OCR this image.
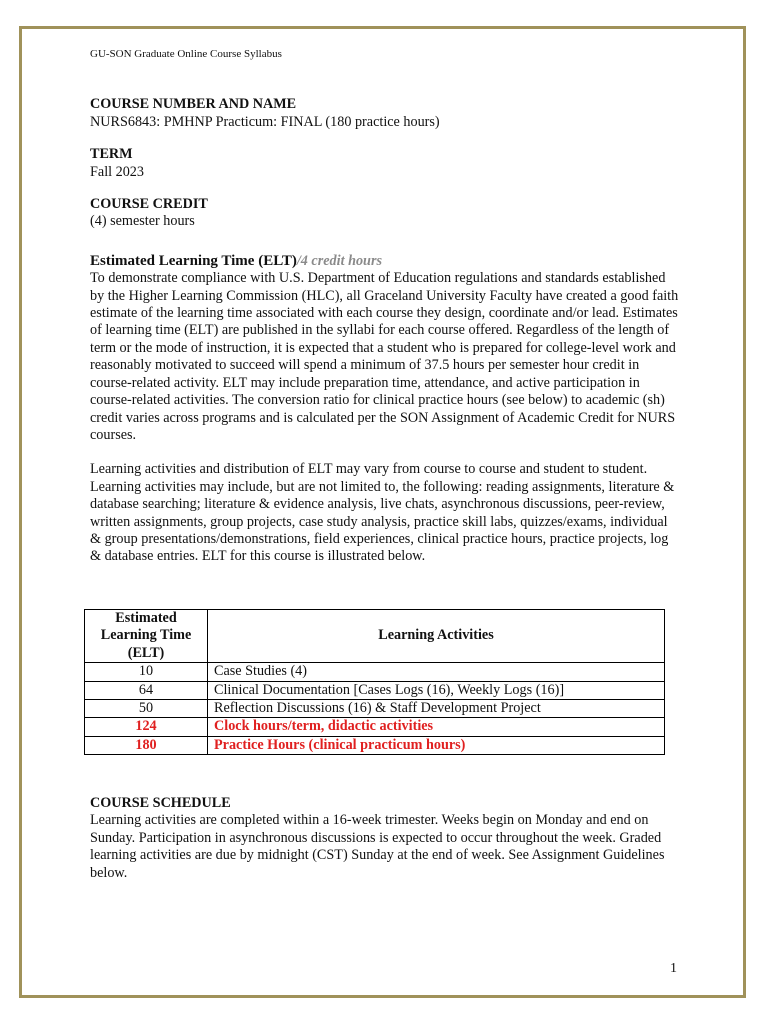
GU-SON Graduate Online Course Syllabus
COURSE NUMBER AND NAME
NURS6843: PMHNP Practicum: FINAL (180 practice hours)
TERM
Fall 2023
COURSE CREDIT
(4) semester hours
Estimated Learning Time (ELT)/4 credit hours

To demonstrate compliance with U.S. Department of Education regulations and standards established by the Higher Learning Commission (HLC), all Graceland University Faculty have created a good faith estimate of the learning time associated with each course they design, coordinate and/or lead. Estimates of learning time (ELT) are published in the syllabi for each course offered. Regardless of the length of term or the mode of instruction, it is expected that a student who is prepared for college-level work and reasonably motivated to succeed will spend a minimum of 37.5 hours per semester hour credit in course-related activity. ELT may include preparation time, attendance, and active participation in course-related activities. The conversion ratio for clinical practice hours (see below) to academic (sh) credit varies across programs and is calculated per the SON Assignment of Academic Credit for NURS courses.

Learning activities and distribution of ELT may vary from course to course and student to student. Learning activities may include, but are not limited to, the following: reading assignments, literature & database searching; literature & evidence analysis, live chats, asynchronous discussions, peer-review, written assignments, group projects, case study analysis, practice skill labs, quizzes/exams, individual & group presentations/demonstrations, field experiences, clinical practice hours, practice projects, log & database entries. ELT for this course is illustrated below.

Estimated Learning Time (ELT)	Learning Activities
10	Case Studies (4)
64	Clinical Documentation [Cases Logs (16), Weekly Logs (16)]
50	Reflection Discussions (16) & Staff Development Project
124	Clock hours/term, didactic activities
180	Practice Hours (clinical practicum hours)
COURSE SCHEDULE

Learning activities are completed within a 16-week trimester. Weeks begin on Monday and end on Sunday. Participation in asynchronous discussions is expected to occur throughout the week. Graded learning activities are due by midnight (CST) Sunday at the end of week. See Assignment Guidelines below.

1
